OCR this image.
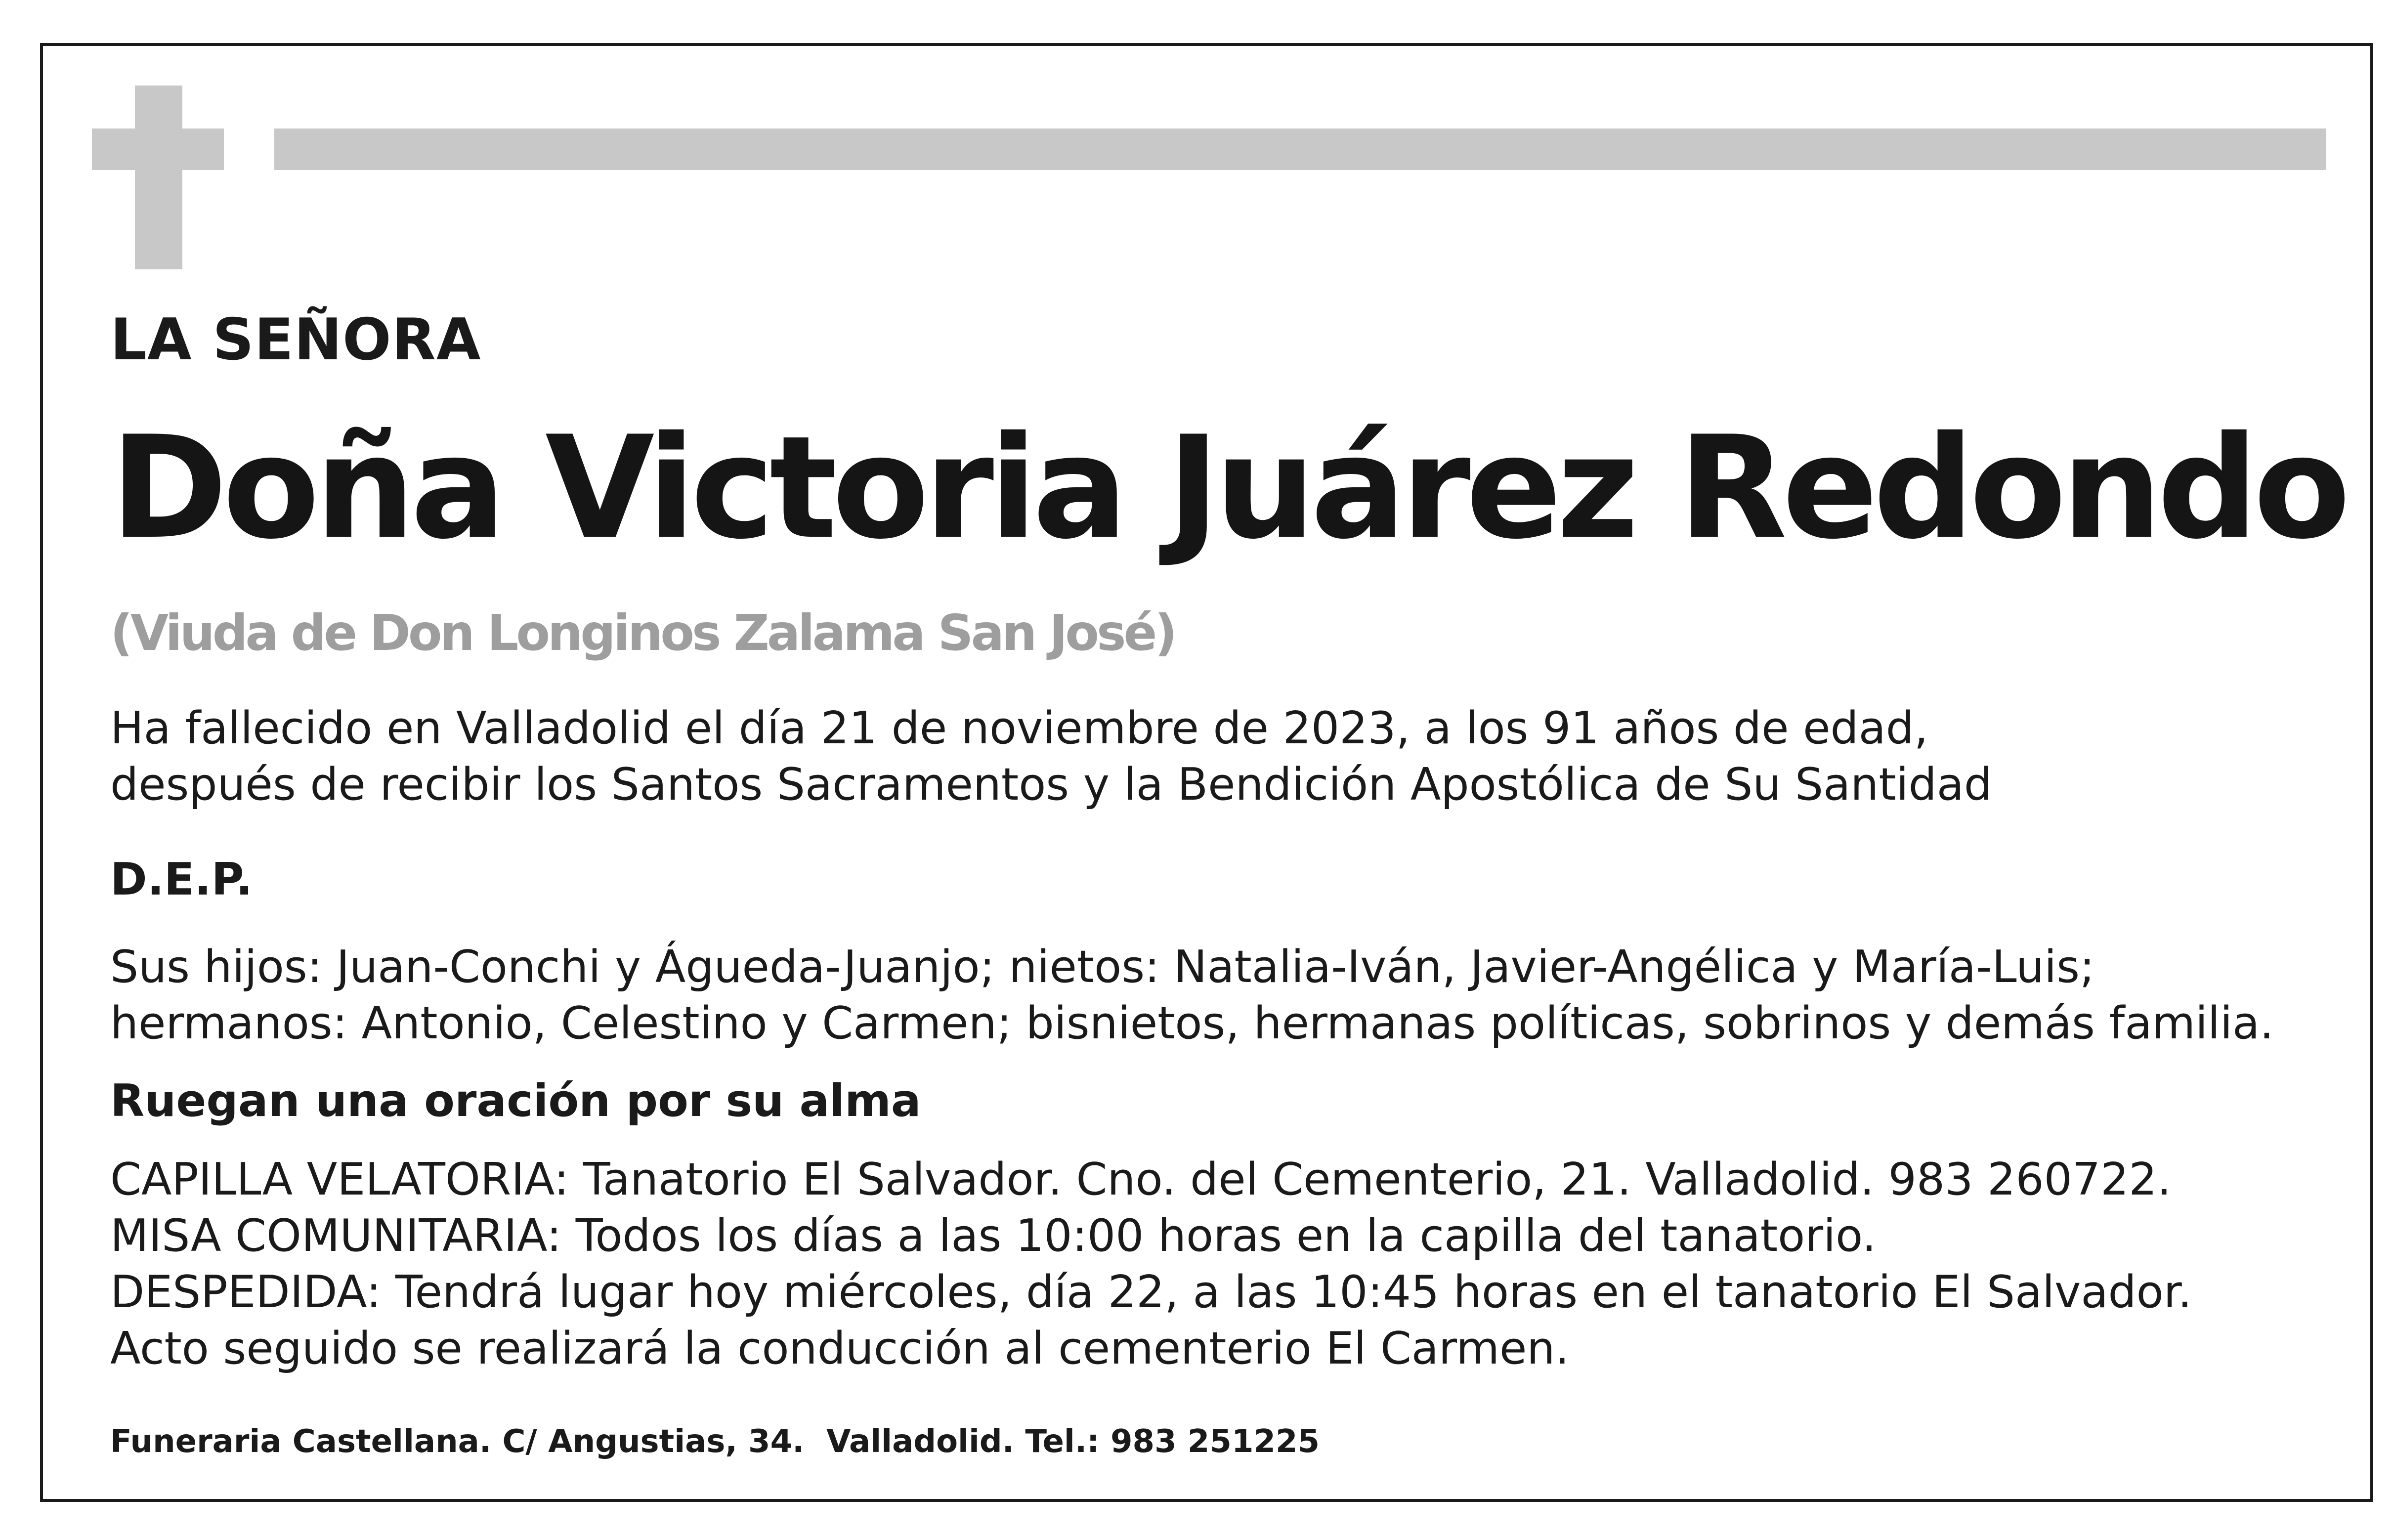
LA SEÑORA
Doña Victoria Juárez Redondo
(Viuda de Don Longinos Zalama San José)
Ha fallecido en Valladolid el día 21 de noviembre de 2023, a los 91 años de edad,
después de recibir los Santos Sacramentos y la Bendición Apostólica de Su Santidad
D.E.P.
Sus hijos: Juan-Conchi y Águeda-Juanjo; nietos: Natalia-Iván, Javier-Angélica y María-Luis;
hermanos: Antonio, Celestino y Carmen; bisnietos, hermanas políticas, sobrinos y demás familia.
Ruegan una oración por su alma
CAPILLA VELATORIA: Tanatorio El Salvador. Cno. del Cementerio, 21. Valladolid. 983 260722.
MISA COMUNITARIA: Todos los días a las 10:00 horas en la capilla del tanatorio.
DESPEDIDA: Tendrá lugar hoy miércoles, día 22, a las 10:45 horas en el tanatorio El Salvador.
Acto seguido se realizará la conducción al cementerio El Carmen.
Funeraria Castellana. C/ Angustias, 34.  Valladolid. Tel.: 983 251225
